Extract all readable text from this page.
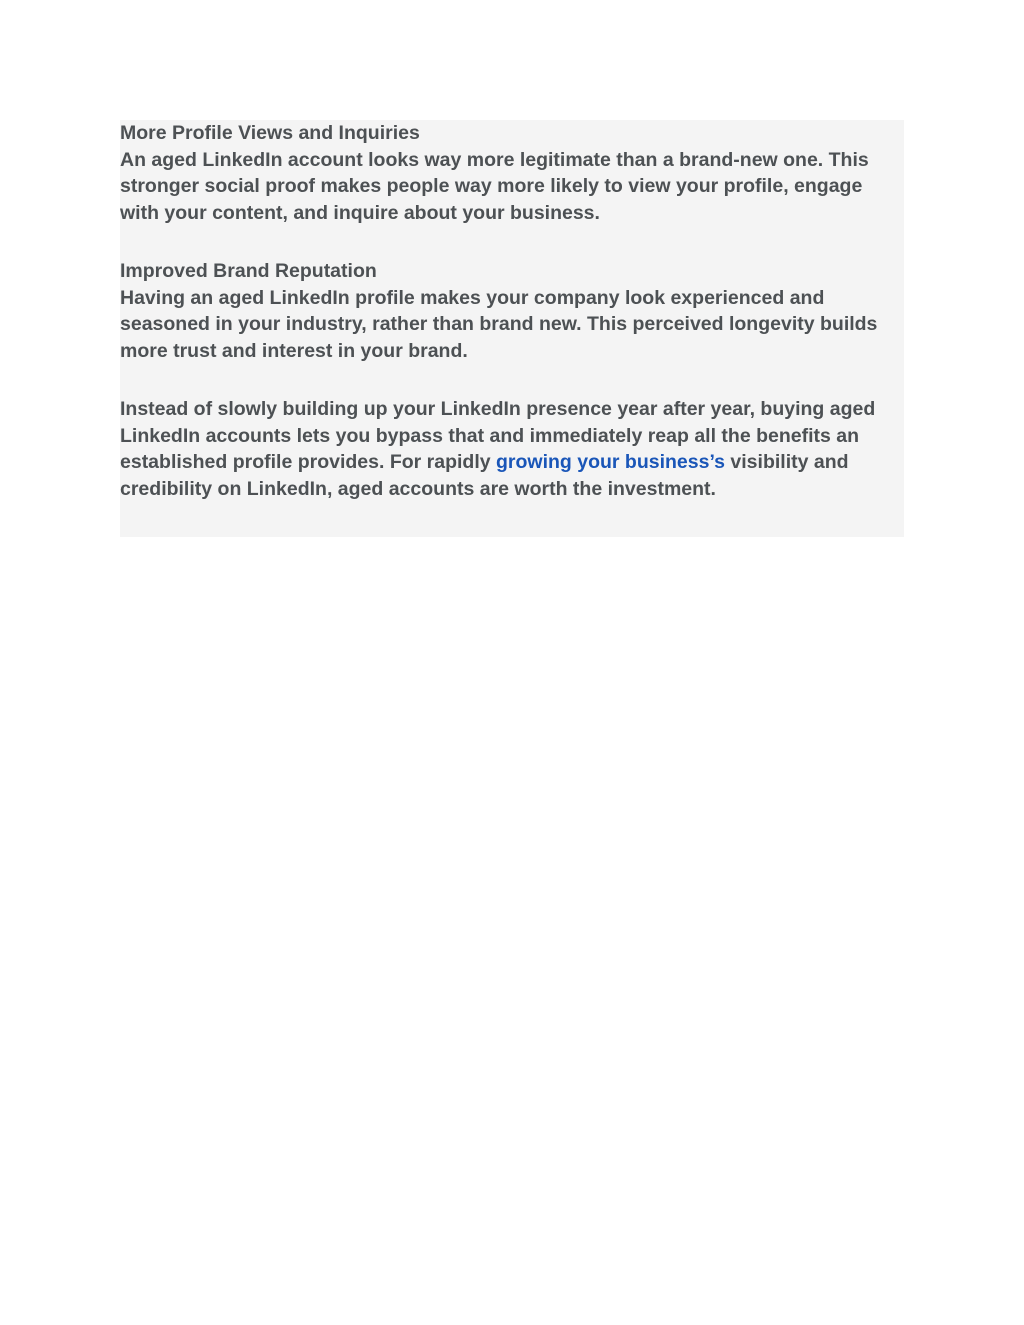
More Profile Views and Inquiries

An aged LinkedIn account looks way more legitimate than a brand-new one. This stronger social proof makes people way more likely to view your profile, engage with your content, and inquire about your business.

Improved Brand Reputation

Having an aged LinkedIn profile makes your company look experienced and seasoned in your industry, rather than brand new. This perceived longevity builds more trust and interest in your brand.

Instead of slowly building up your LinkedIn presence year after year, buying aged LinkedIn accounts lets you bypass that and immediately reap all the benefits an established profile provides. For rapidly growing your business’s visibility and credibility on LinkedIn, aged accounts are worth the investment.
